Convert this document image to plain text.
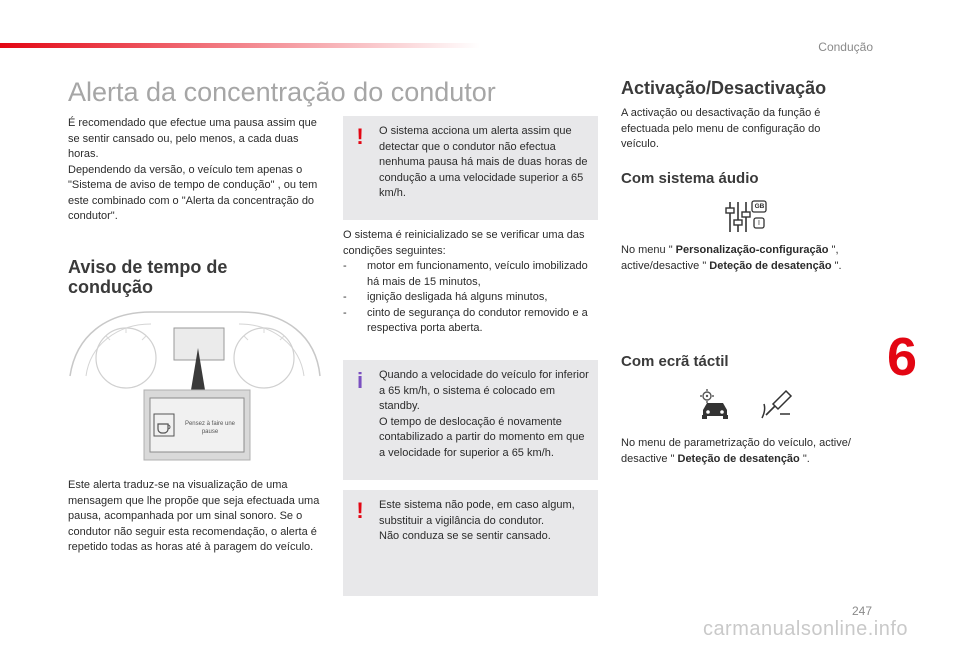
Condução
Alerta da concentração do condutor

É recomendado que efectue uma pausa assim que se sentir cansado ou, pelo menos, a cada duas horas.

Dependendo da versão, o veículo tem apenas o "Sistema de aviso de tempo de condução" , ou tem este combinado com o "Alerta da concentração do condutor".

Aviso de tempo de condução
Pensez à faire une pause
Este alerta traduz-se na visualização de uma mensagem que lhe propõe que seja efectuada uma pausa, acompanhada por um sinal sonoro. Se o condutor não seguir esta recomendação, o alerta é repetido todas as horas até à paragem do veículo.
!	O sistema acciona um alerta assim que detectar que o condutor não efectua nenhuma pausa há mais de duas horas de condução a uma velocidade superior a 65 km/h.

O sistema é reinicializado se se verificar uma das condições seguintes:

- motor em funcionamento, veículo imobilizado há mais de 15 minutos,
- ignição desligada há alguns minutos,
- cinto de segurança do condutor removido e a respectiva porta aberta.
i	Quando a velocidade do veículo for inferior a 65 km/h, o sistema é colocado em standby.
O tempo de deslocação é novamente contabilizado a partir do momento em que a velocidade for superior a 65 km/h.
!	Este sistema não pode, em caso algum, substituir a vigilância do condutor.
Não conduza se se sentir cansado.
Activação/Desactivação
A activação ou desactivação da função é efectuada pelo menu de configuração do veículo.
Com sistema áudio
GB
I
No menu " Personalização-configuração ", active/desactive " Deteção de desatenção ".
Com ecrã táctil
No menu de parametrização do veículo, active/ desactive " Deteção de desatenção ".
6
247
carmanualsonline.info
